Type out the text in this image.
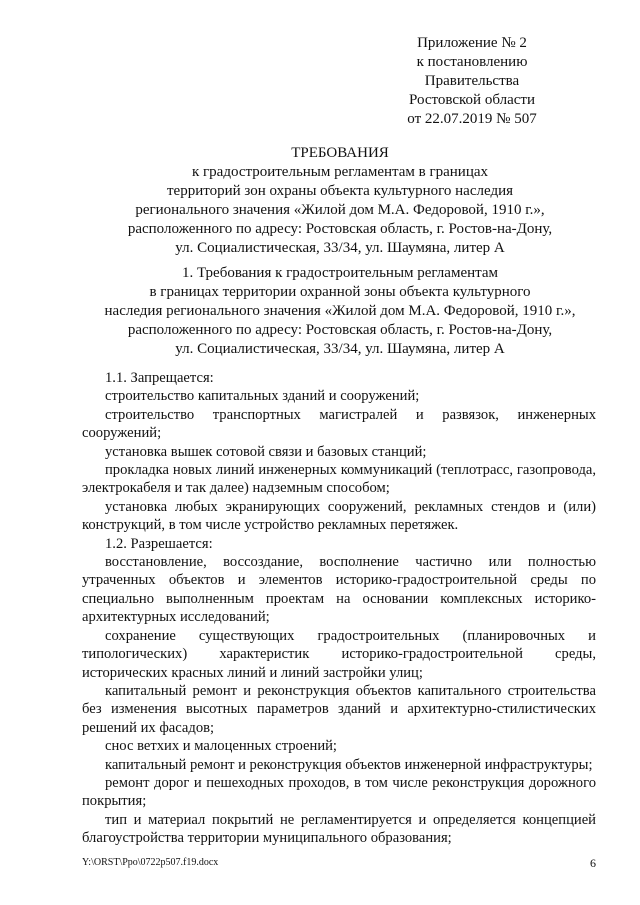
Приложение № 2
к постановлению
Правительства
Ростовской области
от 22.07.2019 № 507
ТРЕБОВАНИЯ
к градостроительным регламентам в границах
территорий зон охраны объекта культурного наследия
регионального значения «Жилой дом М.А. Федоровой, 1910 г.»,
расположенного по адресу: Ростовская область, г. Ростов-на-Дону,
ул. Социалистическая, 33/34, ул. Шаумяна, литер А
1. Требования к градостроительным регламентам
в границах территории охранной зоны объекта культурного
наследия регионального значения «Жилой дом М.А. Федоровой, 1910 г.»,
расположенного по адресу: Ростовская область, г. Ростов-на-Дону,
ул. Социалистическая, 33/34, ул. Шаумяна, литер А

1.1. Запрещается:

строительство капитальных зданий и сооружений;

строительство транспортных магистралей и развязок, инженерных сооружений;

установка вышек сотовой связи и базовых станций;

прокладка новых линий инженерных коммуникаций (теплотрасс, газопровода, электрокабеля и так далее) надземным способом;

установка любых экранирующих сооружений, рекламных стендов и (или) конструкций, в том числе устройство рекламных перетяжек.

1.2. Разрешается:

восстановление, воссоздание, восполнение частично или полностью утраченных объектов и элементов историко-градостроительной среды по специально выполненным проектам на основании комплексных историко-архитектурных исследований;

сохранение существующих градостроительных (планировочных и типологических) характеристик историко-градостроительной среды, исторических красных линий и линий застройки улиц;

капитальный ремонт и реконструкция объектов капитального строительства без изменения высотных параметров зданий и архитектурно-стилистических решений их фасадов;

снос ветхих и малоценных строений;

капитальный ремонт и реконструкция объектов инженерной инфраструктуры;

ремонт дорог и пешеходных проходов, в том числе реконструкция дорожного покрытия;

тип и материал покрытий не регламентируется и определяется концепцией благоустройства территории муниципального образования;

Y:\ORST\Ppo\0722p507.f19.docx	6
